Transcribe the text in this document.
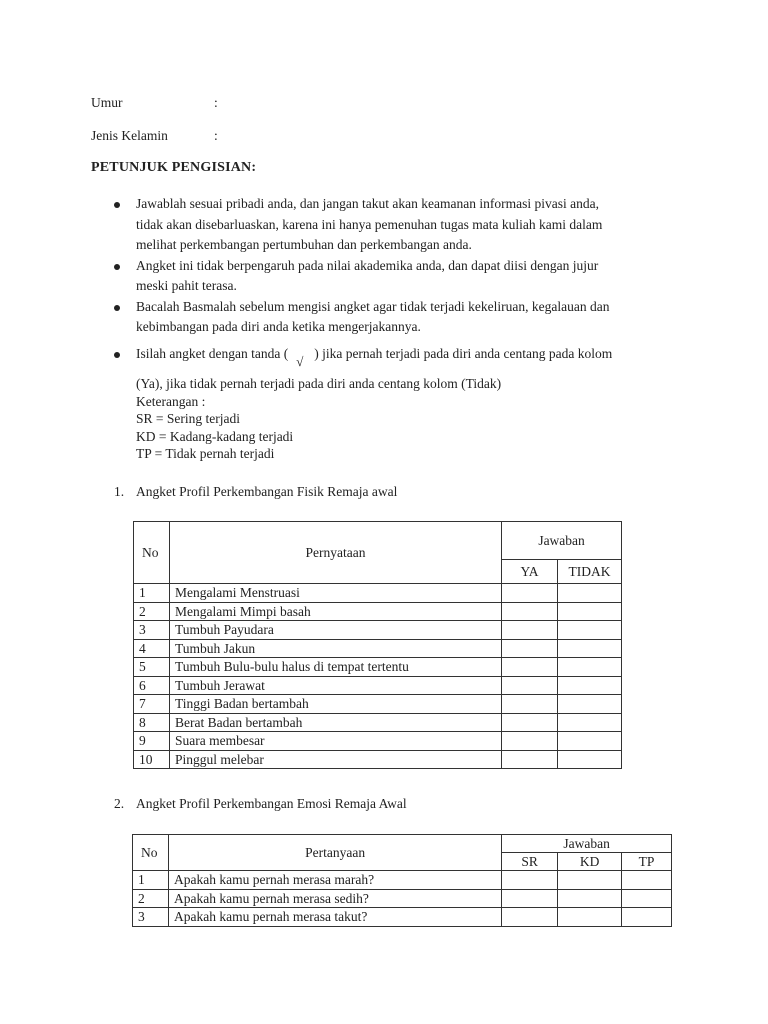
Umur	:
Jenis Kelamin	:
PETUNJUK PENGISIAN:
Jawablah sesuai pribadi anda, dan jangan takut akan keamanan informasi pivasi anda,
tidak akan disebarluaskan, karena ini hanya pemenuhan tugas mata kuliah kami dalam
melihat perkembangan pertumbuhan dan perkembangan anda.
Angket ini tidak berpengaruh pada nilai akademika anda, dan dapat diisi dengan jujur
meski pahit terasa.
Bacalah Basmalah sebelum mengisi angket agar tidak terjadi kekeliruan, kegalauan dan
kebimbangan pada diri anda ketika mengerjakannya.
Isilah angket dengan tanda (
√
) jika pernah terjadi pada diri anda centang pada kolom
(Ya), jika tidak pernah terjadi pada diri anda centang kolom (Tidak)
Keterangan :
SR = Sering terjadi
KD = Kadang-kadang terjadi
TP = Tidak pernah terjadi
1. Angket Profil Perkembangan Fisik Remaja awal
No	Pernyataan	Jawaban	
		YA	TIDAK
1	Mengalami Menstruasi		
2	Mengalami Mimpi basah		
3	Tumbuh Payudara		
4	Tumbuh Jakun		
5	Tumbuh Bulu-bulu halus di tempat tertentu		
6	Tumbuh Jerawat		
7	Tinggi Badan bertambah		
8	Berat Badan bertambah		
9	Suara membesar		
10	Pinggul melebar		
2. Angket Profil Perkembangan Emosi Remaja Awal
No	Pertanyaan	Jawaban		
		SR	KD	TP
1	Apakah kamu pernah merasa marah?			
2	Apakah kamu pernah merasa sedih?			
3	Apakah kamu pernah merasa takut?			
